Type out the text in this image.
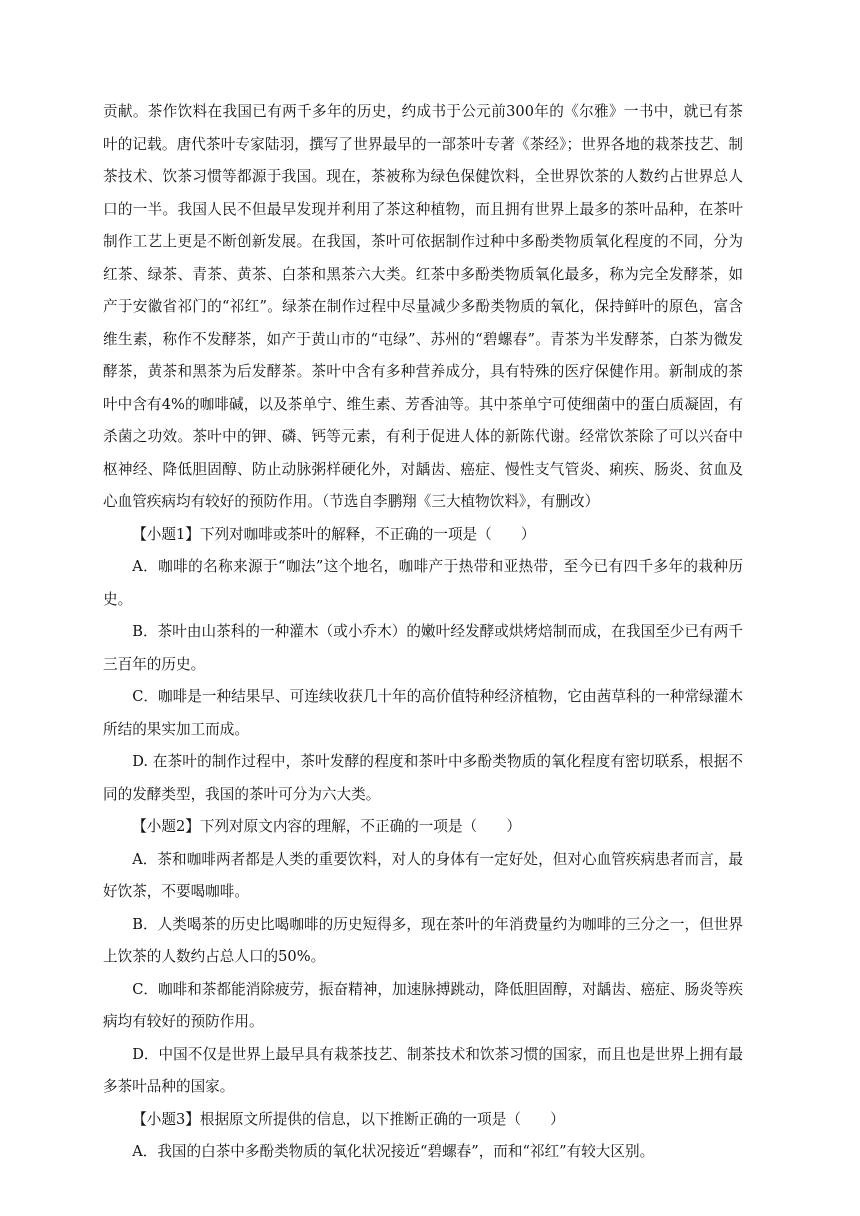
贡献。茶作饮料在我国已有两千多年的历史，约成书于公元前300年的《尔雅》一书中，就已有茶叶的记载。唐代茶叶专家陆羽，撰写了世界最早的一部茶叶专著《茶经》；世界各地的栽茶技艺、制茶技术、饮茶习惯等都源于我国。现在，茶被称为绿色保健饮料，全世界饮茶的人数约占世界总人口的一半。我国人民不但最早发现并利用了茶这种植物，而且拥有世界上最多的茶叶品种，在茶叶制作工艺上更是不断创新发展。在我国，茶叶可依据制作过种中多酚类物质氧化程度的不同，分为红茶、绿茶、青茶、黄茶、白茶和黑茶六大类。红茶中多酚类物质氧化最多，称为完全发酵茶，如产于安徽省祁门的“祁红”。绿茶在制作过程中尽量减少多酚类物质的氧化，保持鲜叶的原色，富含维生素，称作不发酵茶，如产于黄山市的“屯绿”、苏州的“碧螺春”。青茶为半发酵茶，白茶为微发酵茶，黄茶和黑茶为后发酵茶。茶叶中含有多种营养成分，具有特殊的医疗保健作用。新制成的茶叶中含有4%的咖啡碱，以及茶单宁、维生素、芳香油等。其中茶单宁可使细菌中的蛋白质凝固，有杀菌之功效。茶叶中的钾、磷、钙等元素，有利于促进人体的新陈代谢。经常饮茶除了可以兴奋中枢神经、降低胆固醇、防止动脉粥样硬化外，对龋齿、癌症、慢性支气管炎、痢疾、肠炎、贫血及心血管疾病均有较好的预防作用。（节选自李鹏翔《三大植物饮料》，有删改）

【小题1】下列对咖啡或茶叶的解释，不正确的一项是（　　）

A．咖啡的名称来源于“咖法”这个地名，咖啡产于热带和亚热带，至今已有四千多年的栽种历史。

B．茶叶由山茶科的一种灌木（或小乔木）的嫩叶经发酵或烘烤焙制而成，在我国至少已有两千三百年的历史。

C．咖啡是一种结果早、可连续收获几十年的高价值特种经济植物，它由茜草科的一种常绿灌木所结的果实加工而成。

D. 在茶叶的制作过程中，茶叶发酵的程度和茶叶中多酚类物质的氧化程度有密切联系，根据不同的发酵类型，我国的茶叶可分为六大类。

【小题2】下列对原文内容的理解，不正确的一项是（　　）

A．茶和咖啡两者都是人类的重要饮料，对人的身体有一定好处，但对心血管疾病患者而言，最好饮茶，不要喝咖啡。

B．人类喝茶的历史比喝咖啡的历史短得多，现在茶叶的年消费量约为咖啡的三分之一，但世界上饮茶的人数约占总人口的50%。

C．咖啡和茶都能消除疲劳，振奋精神，加速脉搏跳动，降低胆固醇，对龋齿、癌症、肠炎等疾病均有较好的预防作用。

D．中国不仅是世界上最早具有栽茶技艺、制茶技术和饮茶习惯的国家，而且也是世界上拥有最多茶叶品种的国家。

【小题3】根据原文所提供的信息，以下推断正确的一项是（　　）

A．我国的白茶中多酚类物质的氧化状况接近“碧螺春”，而和“祁红”有较大区别。
